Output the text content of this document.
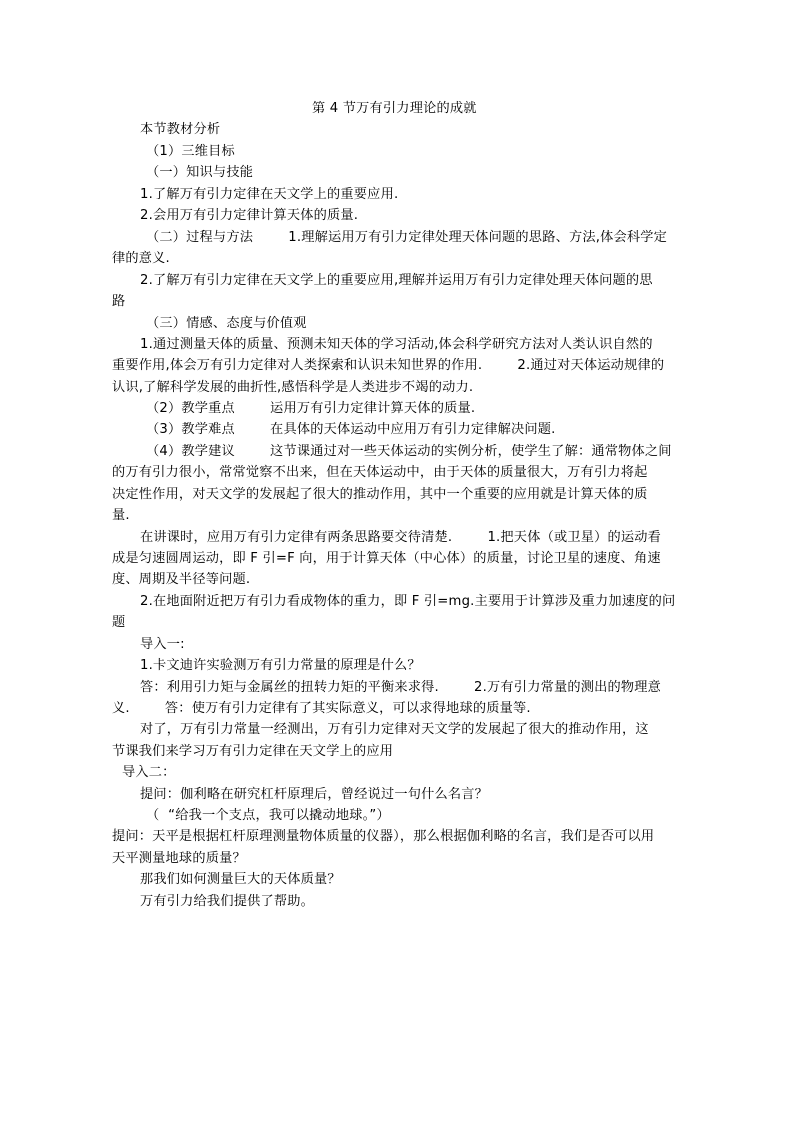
第 4 节万有引力理论的成就
本节教材分析
（1）三维目标
（一）知识与技能
1.了解万有引力定律在天文学上的重要应用.
2.会用万有引力定律计算天体的质量.
（二）过程与方法        1.理解运用万有引力定律处理天体问题的思路、方法,体会科学定
律的意义.
2.了解万有引力定律在天文学上的重要应用,理解并运用万有引力定律处理天体问题的思
路
（三）情感、态度与价值观
1.通过测量天体的质量、预测未知天体的学习活动,体会科学研究方法对人类认识自然的
重要作用,体会万有引力定律对人类探索和认识未知世界的作用.        2.通过对天体运动规律的
认识,了解科学发展的曲折性,感悟科学是人类进步不竭的动力.
（2）教学重点        运用万有引力定律计算天体的质量.
（3）教学难点        在具体的天体运动中应用万有引力定律解决问题.
（4）教学建议        这节课通过对一些天体运动的实例分析，使学生了解：通常物体之间
的万有引力很小，常常觉察不出来，但在天体运动中，由于天体的质量很大，万有引力将起
决定性作用，对天文学的发展起了很大的推动作用，其中一个重要的应用就是计算天体的质
量.
在讲课时，应用万有引力定律有两条思路要交待清楚.        1.把天体（或卫星）的运动看
成是匀速圆周运动，即 F 引=F 向，用于计算天体（中心体）的质量，讨论卫星的速度、角速
度、周期及半径等问题.
2.在地面附近把万有引力看成物体的重力，即 F 引=mg.主要用于计算涉及重力加速度的问
题
导入一:
1.卡文迪许实验测万有引力常量的原理是什么？
答：利用引力矩与金属丝的扭转力矩的平衡来求得.        2.万有引力常量的测出的物理意
义.        答：使万有引力定律有了其实际意义，可以求得地球的质量等.
对了，万有引力常量一经测出，万有引力定律对天文学的发展起了很大的推动作用，这
节课我们来学习万有引力定律在天文学上的应用
导入二：
提问：伽利略在研究杠杆原理后，曾经说过一句什么名言？
（  “给我一个支点，我可以撬动地球。”）
提问：天平是根据杠杆原理测量物体质量的仪器），那么根据伽利略的名言，我们是否可以用
天平测量地球的质量？
那我们如何测量巨大的天体质量？
万有引力给我们提供了帮助。
